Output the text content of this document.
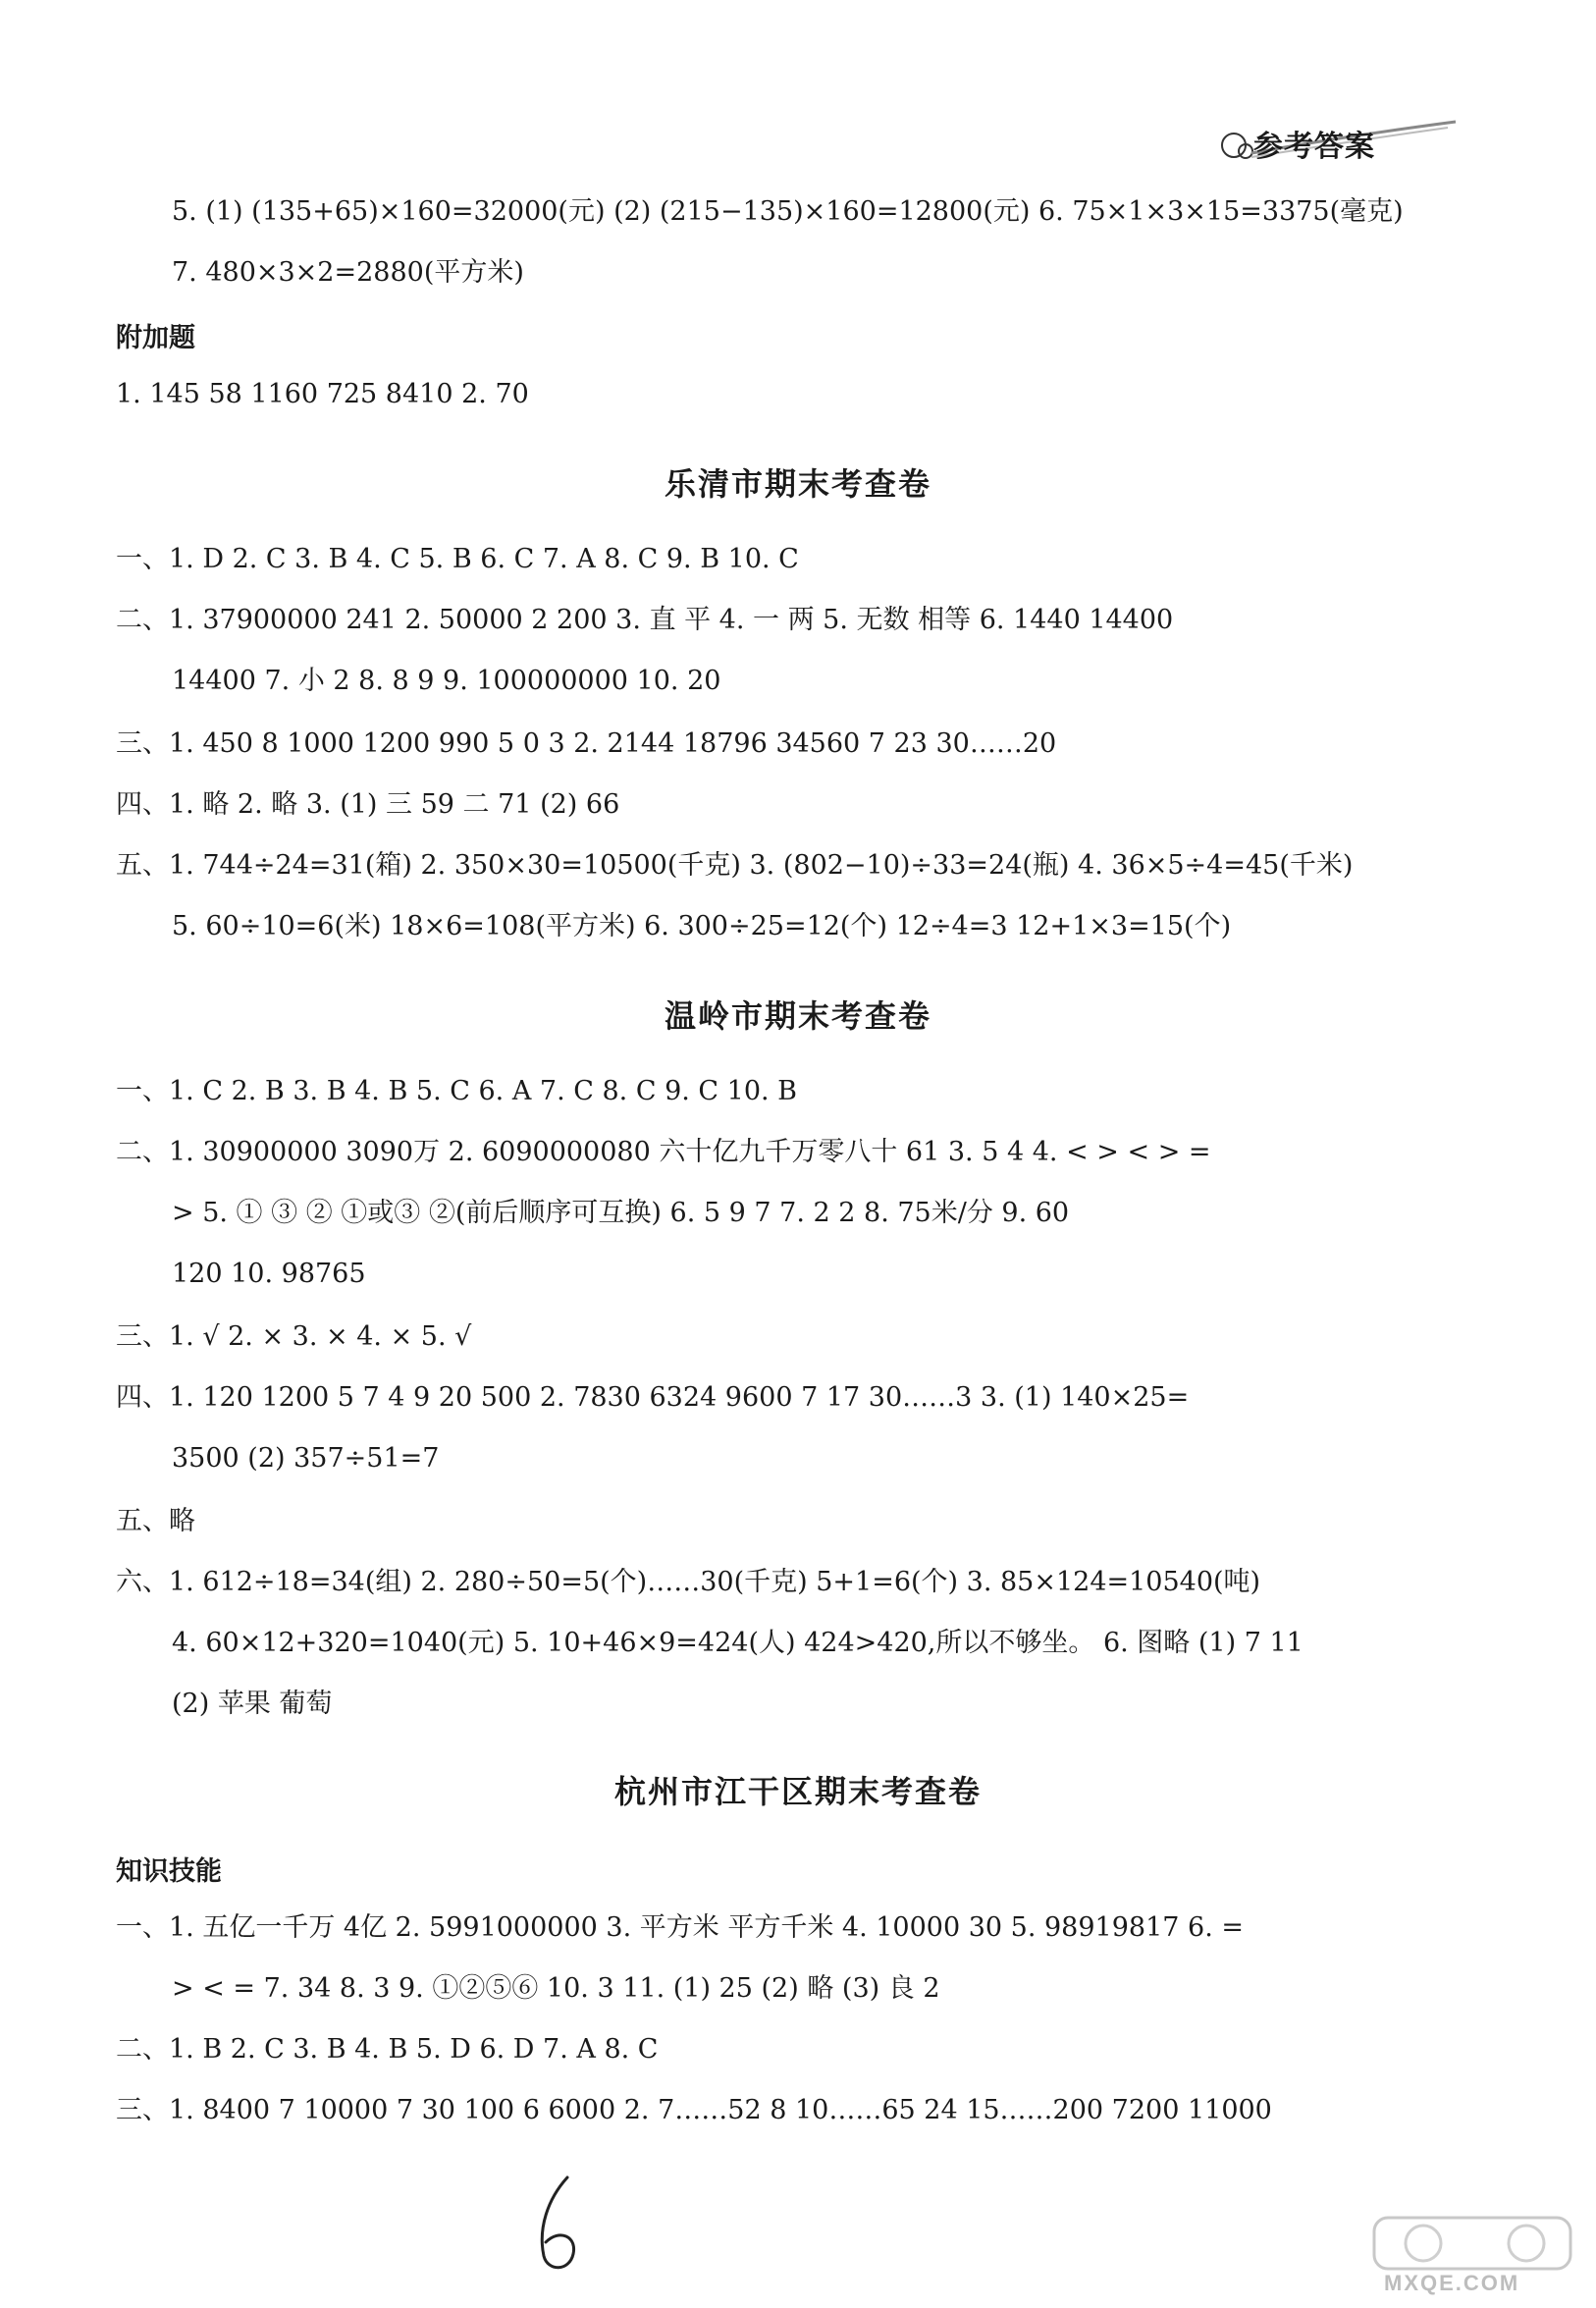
参考答案
5. (1) (135+65)×160=32000(元) (2) (215−135)×160=12800(元) 6. 75×1×3×15=3375(毫克)
7. 480×3×2=2880(平方米)
附加题
1. 145 58 1160 725 8410 2. 70
乐清市期末考查卷
一、1. D 2. C 3. B 4. C 5. B 6. C 7. A 8. C 9. B 10. C
二、1. 37900000 241 2. 50000 2 200 3. 直 平 4. 一 两 5. 无数 相等 6. 1440 14400
14400 7. 小 2 8. 8 9 9. 100000000 10. 20
三、1. 450 8 1000 1200 990 5 0 3 2. 2144 18796 34560 7 23 30……20
四、1. 略 2. 略 3. (1) 三 59 二 71 (2) 66
五、1. 744÷24=31(箱) 2. 350×30=10500(千克) 3. (802−10)÷33=24(瓶) 4. 36×5÷4=45(千米)
5. 60÷10=6(米) 18×6=108(平方米) 6. 300÷25=12(个) 12÷4=3 12+1×3=15(个)
温岭市期末考查卷
一、1. C 2. B 3. B 4. B 5. C 6. A 7. C 8. C 9. C 10. B
二、1. 30900000 3090万 2. 6090000080 六十亿九千万零八十 61 3. 5 4 4. < > < > =
> 5. ① ③ ② ①或③ ②(前后顺序可互换) 6. 5 9 7 7. 2 2 8. 75米/分 9. 60
120 10. 98765
三、1. √ 2. × 3. × 4. × 5. √
四、1. 120 1200 5 7 4 9 20 500 2. 7830 6324 9600 7 17 30……3 3. (1) 140×25=
3500 (2) 357÷51=7
五、略
六、1. 612÷18=34(组) 2. 280÷50=5(个)……30(千克) 5+1=6(个) 3. 85×124=10540(吨)
4. 60×12+320=1040(元) 5. 10+46×9=424(人) 424>420,所以不够坐。 6. 图略 (1) 7 11
(2) 苹果 葡萄
杭州市江干区期末考查卷
知识技能
一、1. 五亿一千万 4亿 2. 5991000000 3. 平方米 平方千米 4. 10000 30 5. 98919817 6. =
> < = 7. 34 8. 3 9. ①②⑤⑥ 10. 3 11. (1) 25 (2) 略 (3) 良 2
二、1. B 2. C 3. B 4. B 5. D 6. D 7. A 8. C
三、1. 8400 7 10000 7 30 100 6 6000 2. 7……52 8 10……65 24 15……200 7200 11000
MXQE.COM
